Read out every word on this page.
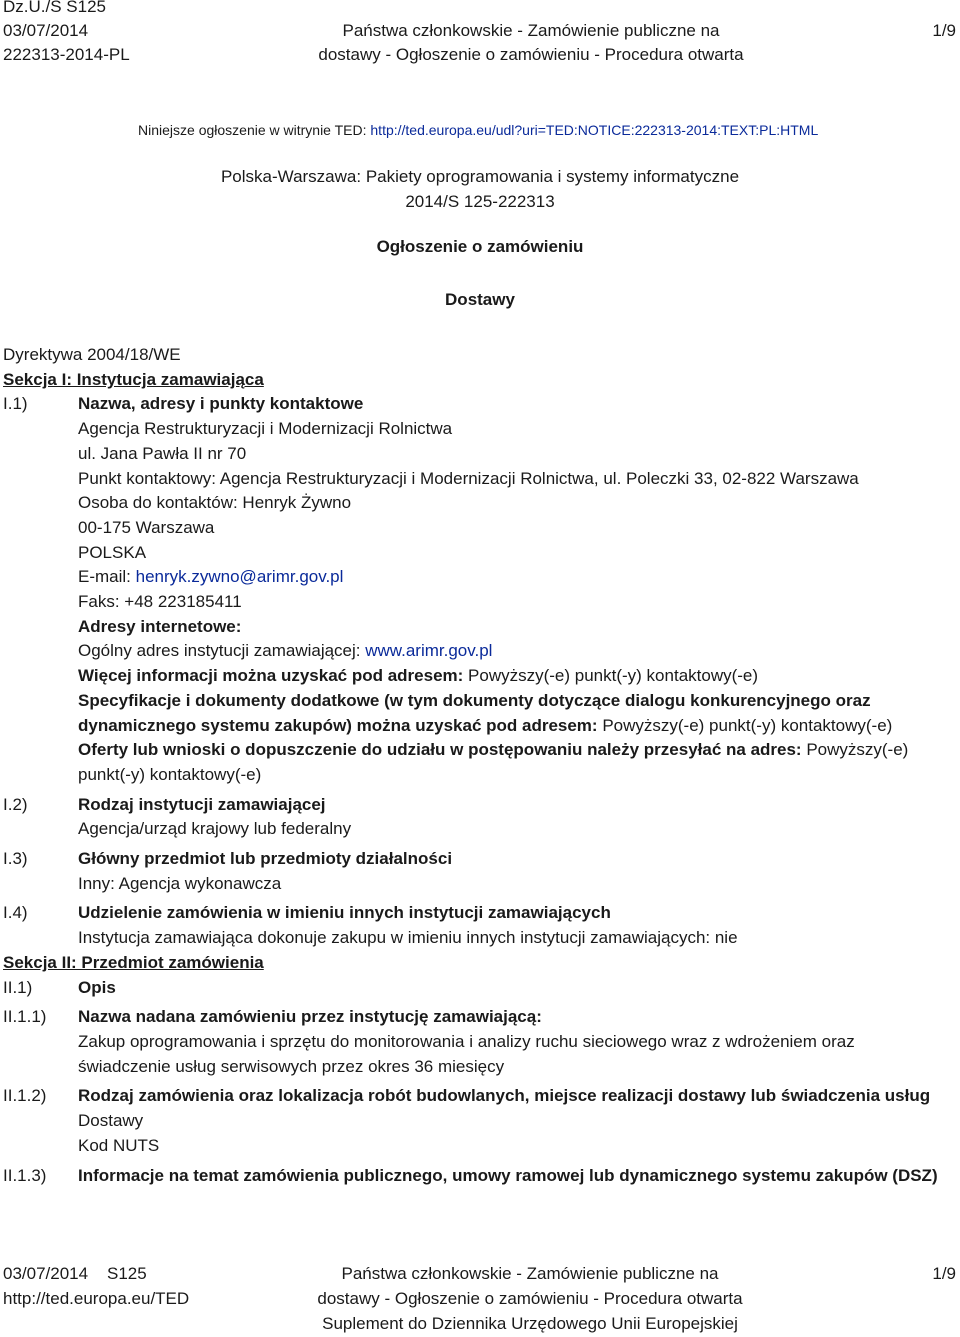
Dz.U./S S125
03/07/2014
222313-2014-PL
Państwa członkowskie - Zamówienie publiczne na
dostawy - Ogłoszenie o zamówieniu - Procedura otwarta
1/9
Niniejsze ogłoszenie w witrynie TED: http://ted.europa.eu/udl?uri=TED:NOTICE:222313-2014:TEXT:PL:HTML
Polska-Warszawa: Pakiety oprogramowania i systemy informatyczne
2014/S 125-222313
Ogłoszenie o zamówieniu
Dostawy
Dyrektywa 2004/18/WE
Sekcja I: Instytucja zamawiająca
I.1)	Nazwa, adresy i punkty kontaktowe
Agencja Restrukturyzacji i Modernizacji Rolnictwa
ul. Jana Pawła II nr 70
Punkt kontaktowy: Agencja Restrukturyzacji i Modernizacji Rolnictwa, ul. Poleczki 33, 02-822 Warszawa
Osoba do kontaktów: Henryk Żywno
00-175 Warszawa
POLSKA
E-mail: henryk.zywno@arimr.gov.pl
Faks: +48 223185411
Adresy internetowe:
Ogólny adres instytucji zamawiającej: www.arimr.gov.pl
Więcej informacji można uzyskać pod adresem: Powyższy(-e) punkt(-y) kontaktowy(-e)
Specyfikacje i dokumenty dodatkowe (w tym dokumenty dotyczące dialogu konkurencyjnego oraz dynamicznego systemu zakupów) można uzyskać pod adresem: Powyższy(-e) punkt(-y) kontaktowy(-e)
Oferty lub wnioski o dopuszczenie do udziału w postępowaniu należy przesyłać na adres: Powyższy(-e) punkt(-y) kontaktowy(-e)
I.2)	Rodzaj instytucji zamawiającej
Agencja/urząd krajowy lub federalny
I.3)	Główny przedmiot lub przedmioty działalności
Inny: Agencja wykonawcza
I.4)	Udzielenie zamówienia w imieniu innych instytucji zamawiających
Instytucja zamawiająca dokonuje zakupu w imieniu innych instytucji zamawiających: nie
Sekcja II: Przedmiot zamówienia
II.1)	Opis
II.1.1)	Nazwa nadana zamówieniu przez instytucję zamawiającą:
Zakup oprogramowania i sprzętu do monitorowania i analizy ruchu sieciowego wraz z wdrożeniem oraz świadczenie usług serwisowych przez okres 36 miesięcy
II.1.2)	Rodzaj zamówienia oraz lokalizacja robót budowlanych, miejsce realizacji dostawy lub świadczenia usług
Dostawy
Kod NUTS
II.1.3)	Informacje na temat zamówienia publicznego, umowy ramowej lub dynamicznego systemu zakupów (DSZ)
03/07/2014    S125
http://ted.europa.eu/TED
Państwa członkowskie - Zamówienie publiczne na
dostawy - Ogłoszenie o zamówieniu - Procedura otwarta
Suplement do Dziennika Urzędowego Unii Europejskiej
1/9
